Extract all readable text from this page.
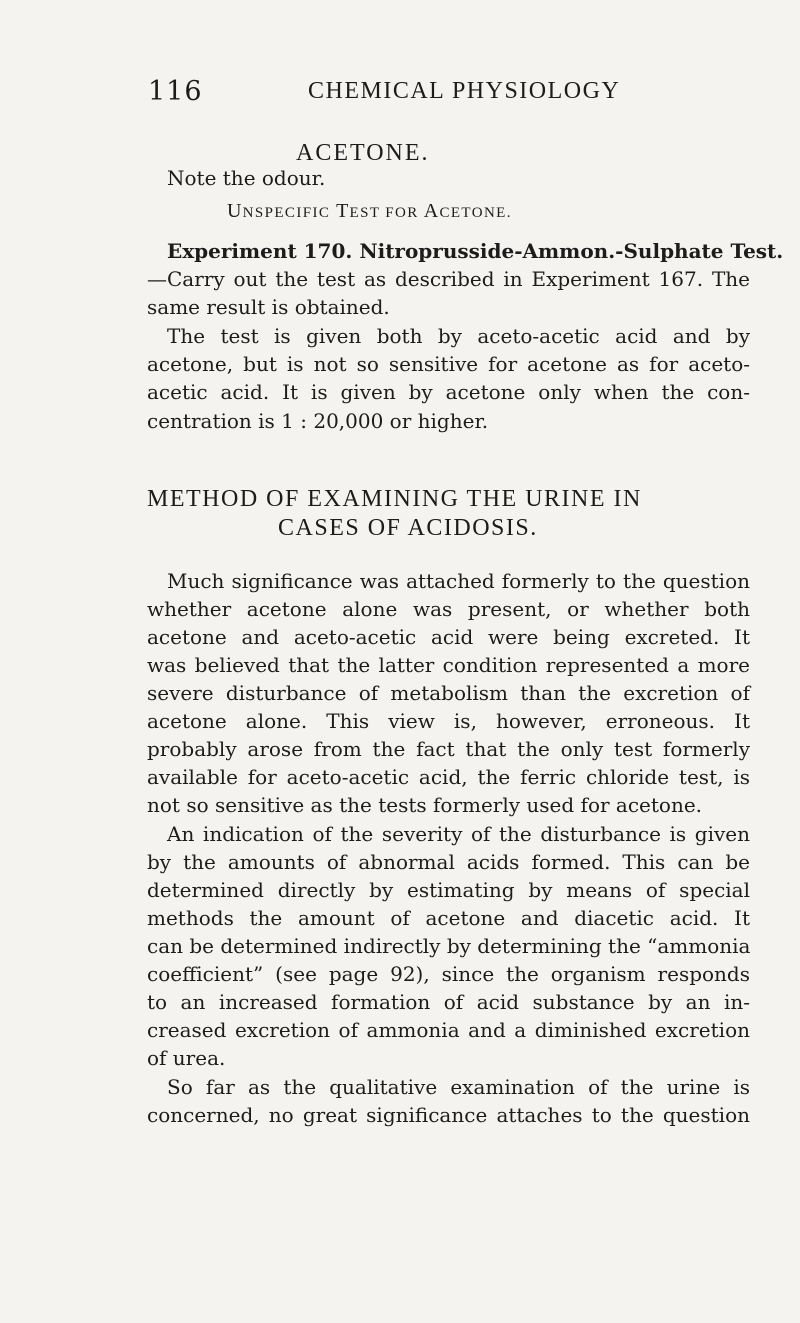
116	CHEMICAL PHYSIOLOGY
ACETONE.
Note the odour.
UNSPECIFIC TEST FOR ACETONE.
Experiment 170. Nitroprusside-Ammon.-Sulphate Test.
—Carry out the test as described in Experiment 167. The
same result is obtained.
The test is given both by aceto-acetic acid and by
acetone, but is not so sensitive for acetone as for aceto-
acetic acid. It is given by acetone only when the con-
centration is 1 : 20,000 or higher.
METHOD OF EXAMINING THE URINE IN
CASES OF ACIDOSIS.
Much significance was attached formerly to the question
whether acetone alone was present, or whether both
acetone and aceto-acetic acid were being excreted. It
was believed that the latter condition represented a more
severe disturbance of metabolism than the excretion of
acetone alone. This view is, however, erroneous. It
probably arose from the fact that the only test formerly
available for aceto-acetic acid, the ferric chloride test, is
not so sensitive as the tests formerly used for acetone.
An indication of the severity of the disturbance is given
by the amounts of abnormal acids formed. This can be
determined directly by estimating by means of special
methods the amount of acetone and diacetic acid. It
can be determined indirectly by determining the “ammonia
coefficient” (see page 92), since the organism responds
to an increased formation of acid substance by an in-
creased excretion of ammonia and a diminished excretion
of urea.
So far as the qualitative examination of the urine is
concerned, no great significance attaches to the question
